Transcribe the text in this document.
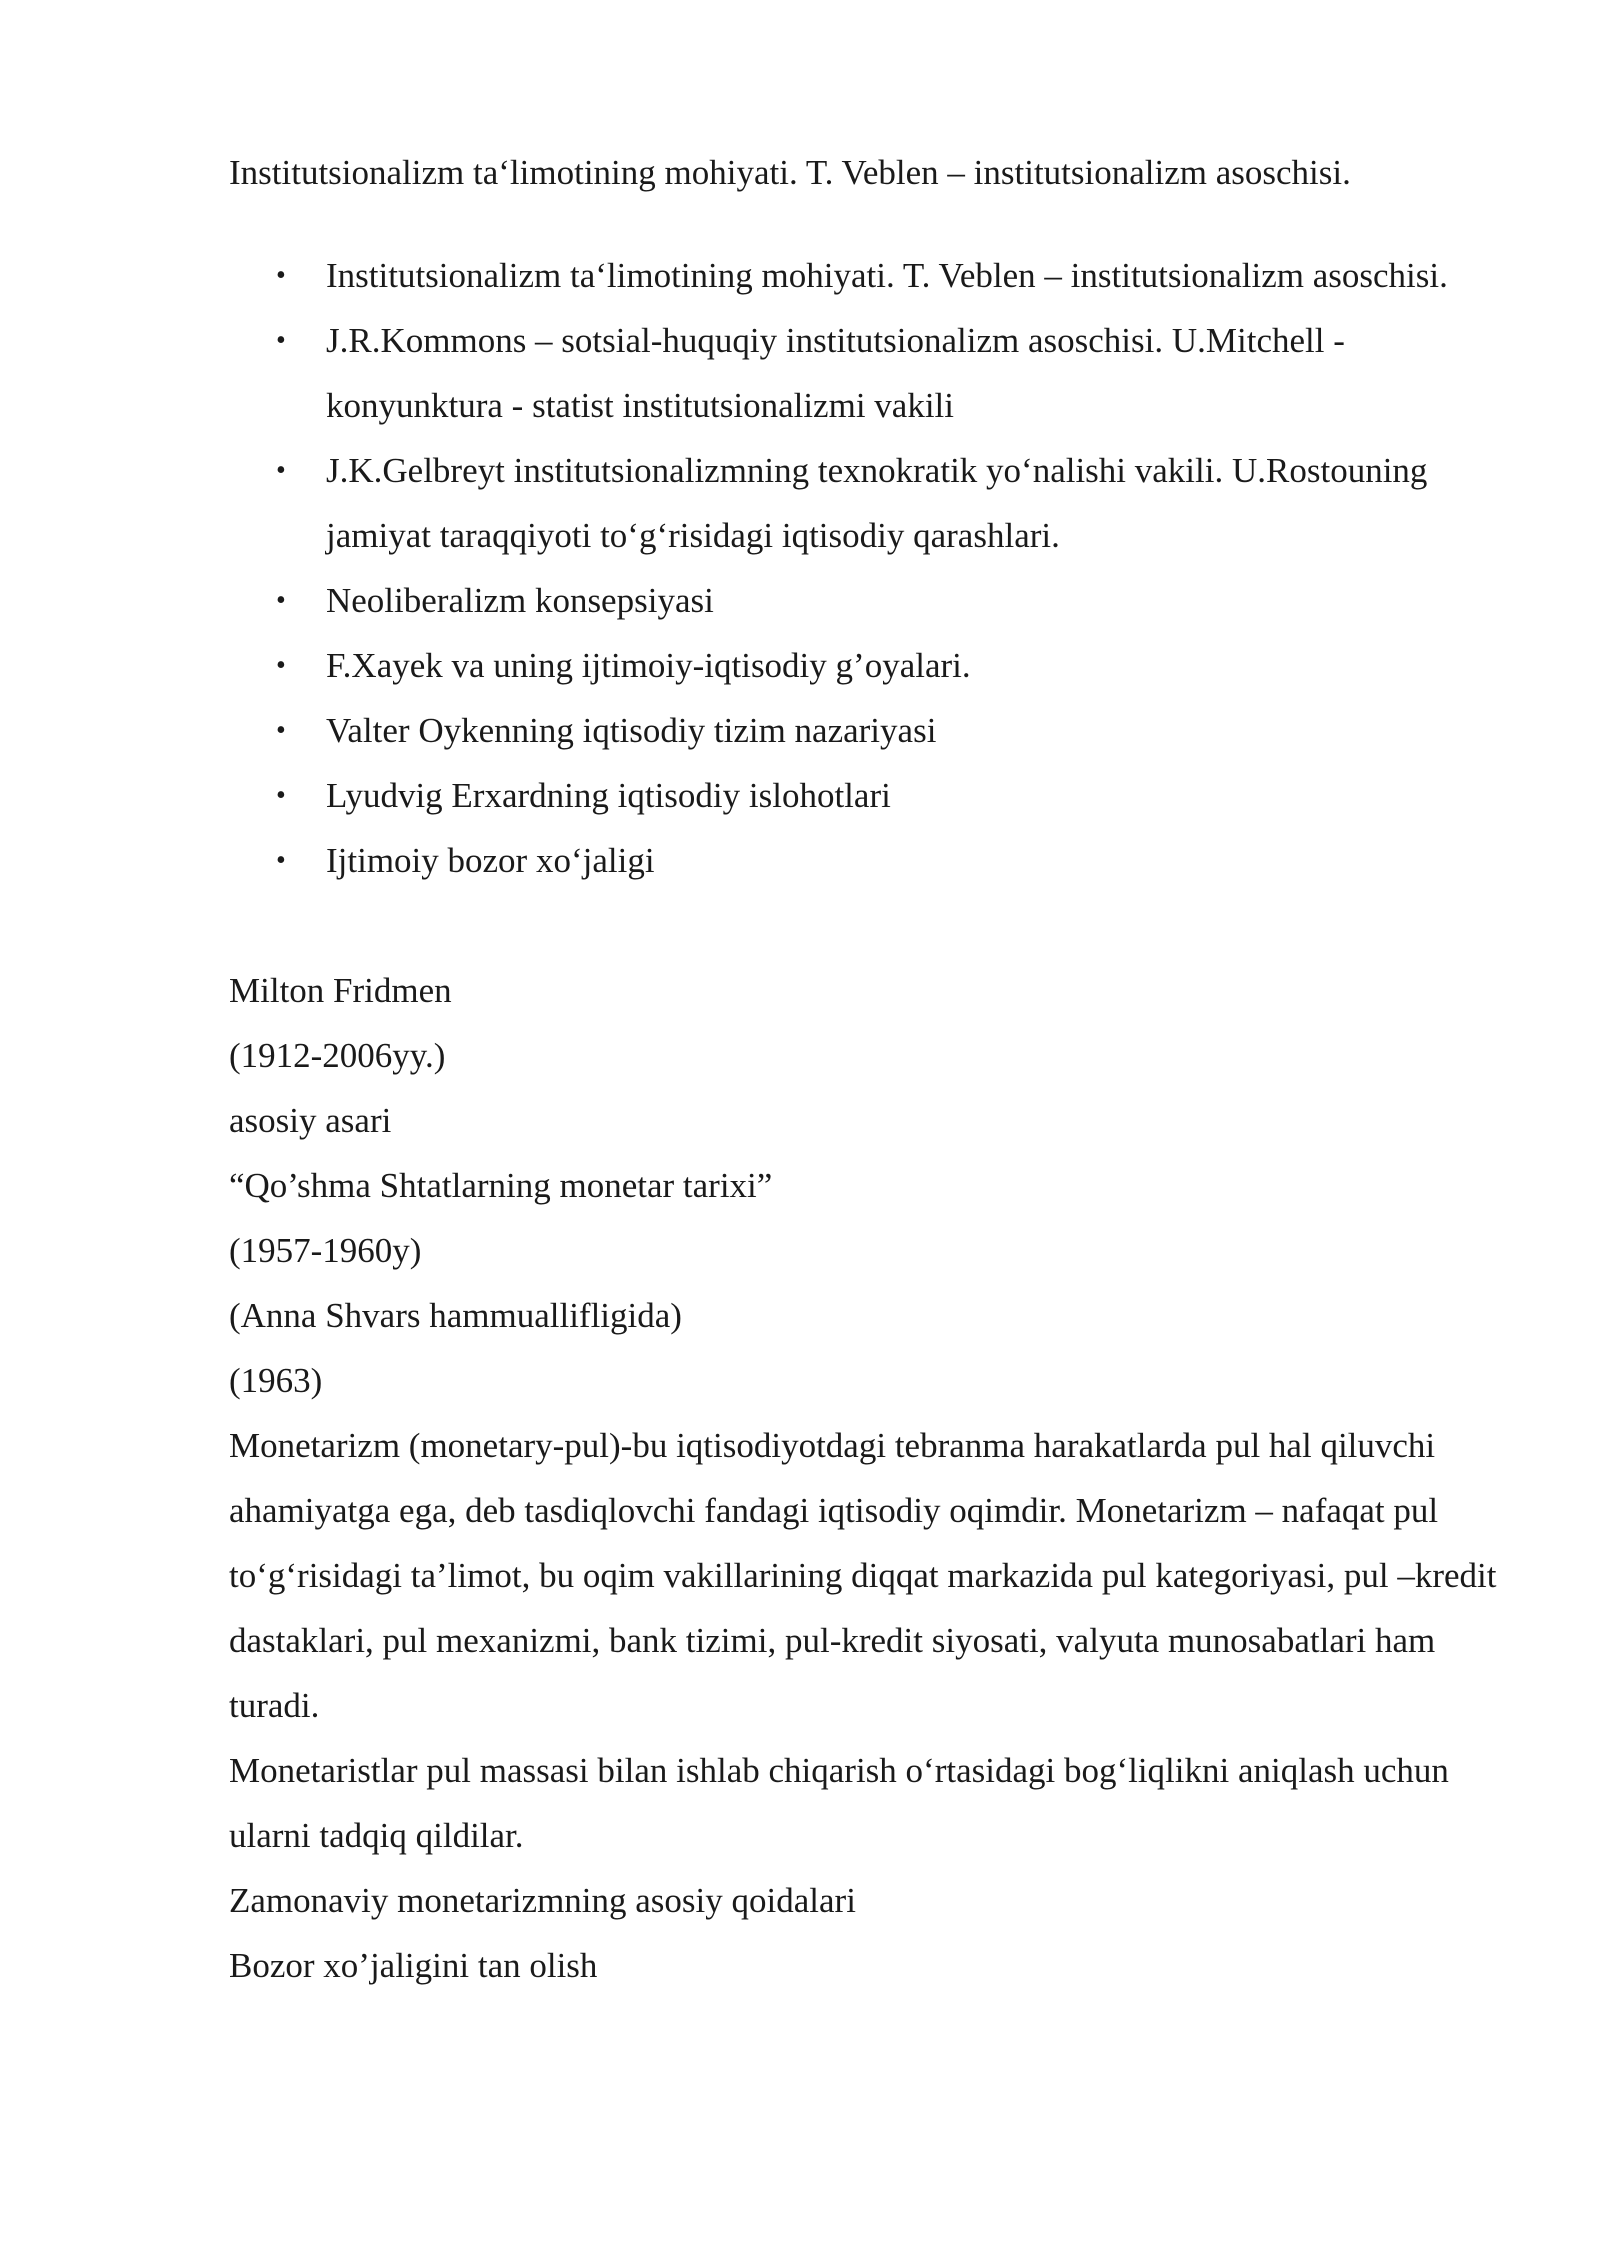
Institutsionalizm ta‘limotining mohiyati. T. Veblen – institutsionalizm asoschisi.

• Institutsionalizm ta‘limotining mohiyati. T. Veblen – institutsionalizm asoschisi.
• J.R.Kommons – sotsial-huquqiy institutsionalizm asoschisi. U.Mitchell - konyunktura - statist institutsionalizmi vakili
• J.K.Gelbreyt institutsionalizmning texnokratik yo‘nalishi vakili. U.Rostouning jamiyat taraqqiyoti to‘g‘risidagi iqtisodiy qarashlari.
• Neoliberalizm konsepsiyasi
• F.Xayek va uning ijtimoiy-iqtisodiy g’oyalari.
• Valter Oykenning iqtisodiy tizim nazariyasi
• Lyudvig Erxardning iqtisodiy islohotlari
• Ijtimoiy bozor xo‘jaligi

Milton Fridmen

(1912-2006yy.)

asosiy asari

“Qo’shma Shtatlarning monetar tarixi”

(1957-1960y)

(Anna Shvars hammuallifligida)

(1963)

Monetarizm (monetary-pul)-bu iqtisodiyotdagi tebranma harakatlarda pul hal qiluvchi ahamiyatga ega, deb tasdiqlovchi fandagi iqtisodiy oqimdir. Monetarizm – nafaqat pul to‘g‘risidagi ta’limot, bu oqim vakillarining diqqat markazida pul kategoriyasi, pul –kredit dastaklari, pul mexanizmi, bank tizimi, pul-kredit siyosati, valyuta munosabatlari ham turadi.

Monetaristlar pul massasi bilan ishlab chiqarish o‘rtasidagi bog‘liqlikni aniqlash uchun ularni tadqiq qildilar.

Zamonaviy monetarizmning asosiy qoidalari

Bozor xo’jaligini tan olish
